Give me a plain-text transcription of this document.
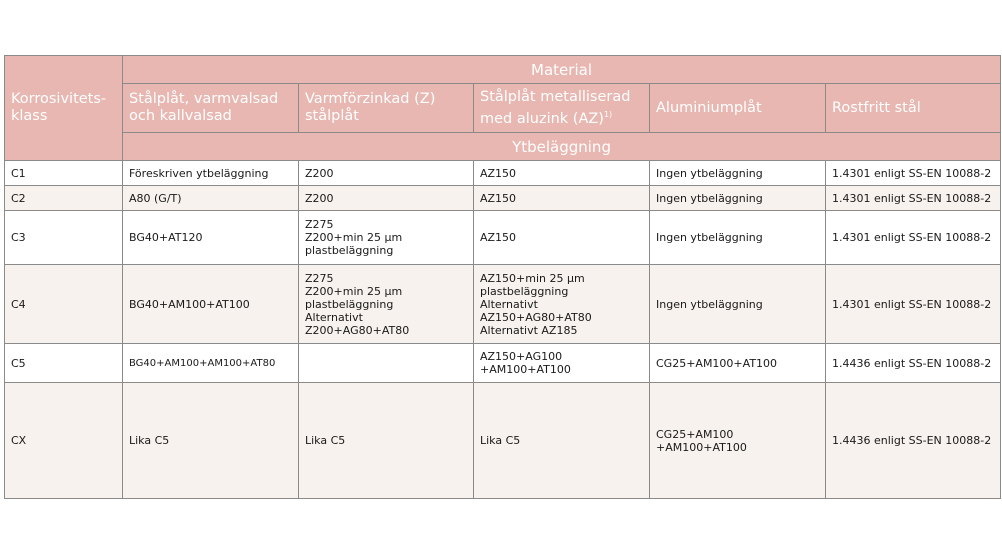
Korrosivitets-
klass	Material				
	Stålplåt, varmvalsad och kallvalsad	Varmförzinkad (Z) stålplåt	Stålplåt metalliserad med aluzink (AZ)$^{1)}$	Aluminiumplåt	Rostfritt stål
	Ytbeläggning				
C1	Föreskriven ytbeläggning	Z200	AZ150	Ingen ytbeläggning	1.4301 enligt SS-EN 10088-2
C2	A80 (G/T)	Z200	AZ150	Ingen ytbeläggning	1.4301 enligt SS-EN 10088-2
C3	BG40+AT120	Z275
Z200+min 25 µm
plastbeläggning	AZ150	Ingen ytbeläggning	1.4301 enligt SS-EN 10088-2
C4	BG40+AM100+AT100	Z275
Z200+min 25 µm
plastbeläggning
Alternativt
Z200+AG80+AT80	AZ150+min 25 µm
plastbeläggning
Alternativt
AZ150+AG80+AT80
Alternativt AZ185	Ingen ytbeläggning	1.4301 enligt SS-EN 10088-2
C5	BG40+AM100+AM100+AT80		AZ150+AG100
+AM100+AT100	CG25+AM100+AT100	1.4436 enligt SS-EN 10088-2
CX	Lika C5	Lika C5	Lika C5	CG25+AM100
+AM100+AT100	1.4436 enligt SS-EN 10088-2
